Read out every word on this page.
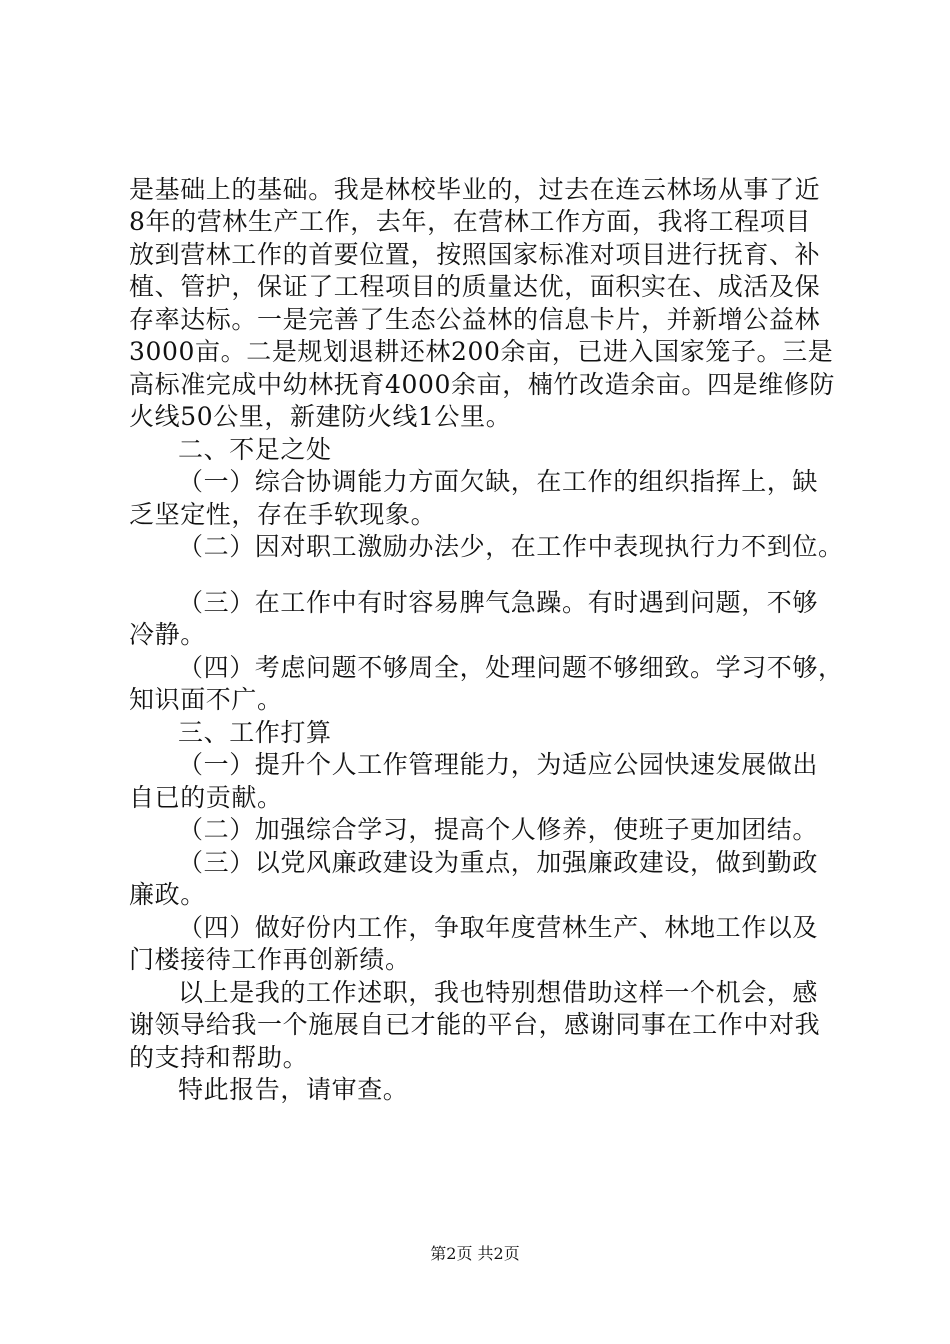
是基础上的基础。我是林校毕业的，过去在连云林场从事了近
8年的营林生产工作，去年，在营林工作方面，我将工程项目
放到营林工作的首要位置，按照国家标准对项目进行抚育、补
植、管护，保证了工程项目的质量达优，面积实在、成活及保
存率达标。一是完善了生态公益林的信息卡片，并新增公益林
3000亩。二是规划退耕还林200余亩，已进入国家笼子。三是
高标准完成中幼林抚育4000余亩，楠竹改造余亩。四是维修防
火线50公里，新建防火线1公里。
二、不足之处
（一）综合协调能力方面欠缺，在工作的组织指挥上，缺
乏坚定性，存在手软现象。
（二）因对职工激励办法少，在工作中表现执行力不到位。
（三）在工作中有时容易脾气急躁。有时遇到问题，不够
冷静。
（四）考虑问题不够周全，处理问题不够细致。学习不够，
知识面不广。
三、工作打算
（一）提升个人工作管理能力，为适应公园快速发展做出
自已的贡献。
（二）加强综合学习，提高个人修养，使班子更加团结。
（三）以党风廉政建设为重点，加强廉政建设，做到勤政
廉政。
（四）做好份内工作，争取年度营林生产、林地工作以及
门楼接待工作再创新绩。
以上是我的工作述职，我也特别想借助这样一个机会，感
谢领导给我一个施展自已才能的平台，感谢同事在工作中对我
的支持和帮助。
特此报告，请审查。
第2页 共2页
